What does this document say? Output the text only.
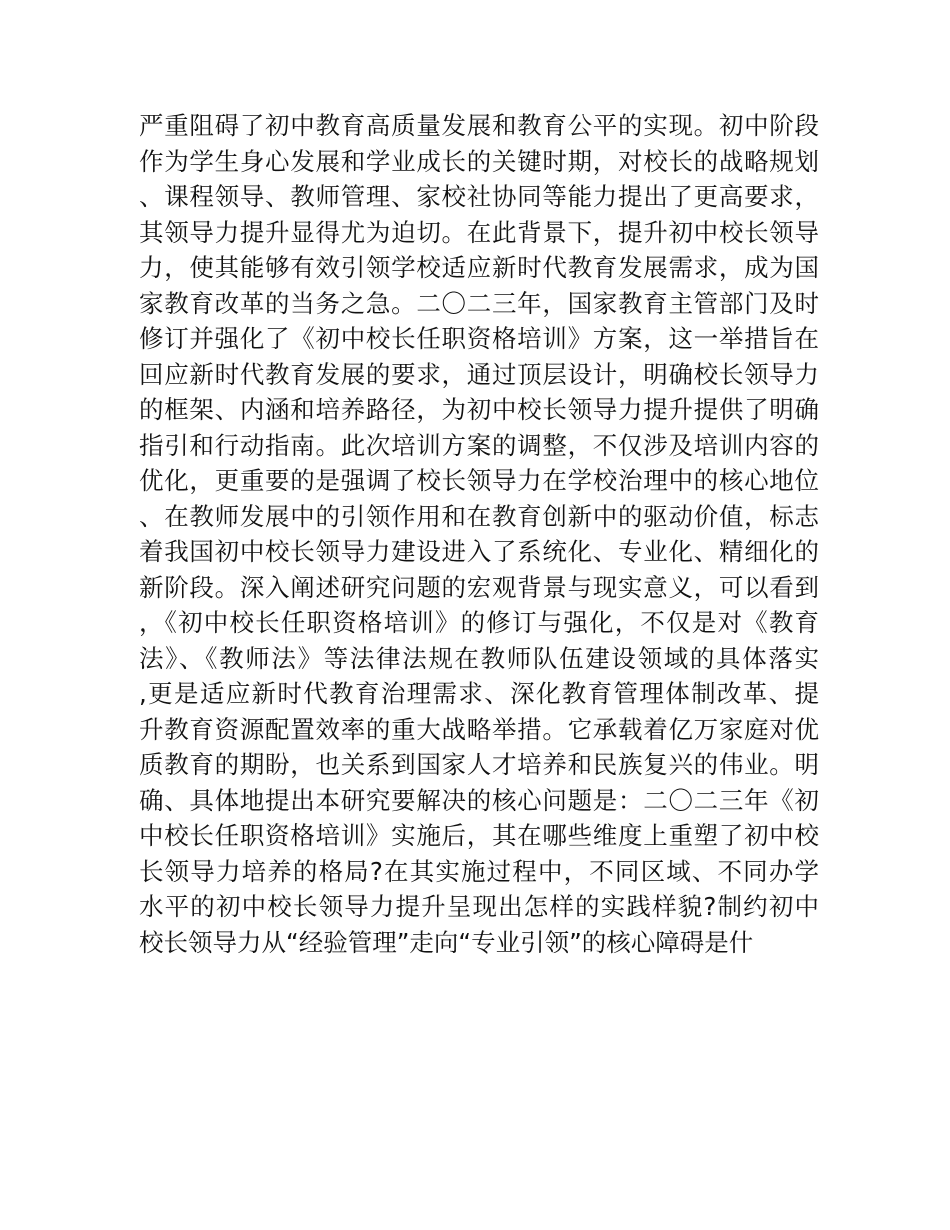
严重阻碍了初中教育高质量发展和教育公平的实现。初中阶段
作为学生身心发展和学业成长的关键时期，对校长的战略规划
、课程领导、教师管理、家校社协同等能力提出了更高要求，
其领导力提升显得尤为迫切。在此背景下，提升初中校长领导
力，使其能够有效引领学校适应新时代教育发展需求，成为国
家教育改革的当务之急。二〇二三年，国家教育主管部门及时
修订并强化了《初中校长任职资格培训》方案，这一举措旨在
回应新时代教育发展的要求，通过顶层设计，明确校长领导力
的框架、内涵和培养路径，为初中校长领导力提升提供了明确
指引和行动指南。此次培训方案的调整，不仅涉及培训内容的
优化，更重要的是强调了校长领导力在学校治理中的核心地位
、在教师发展中的引领作用和在教育创新中的驱动价值，标志
着我国初中校长领导力建设进入了系统化、专业化、精细化的
新阶段。深入阐述研究问题的宏观背景与现实意义，可以看到
，《初中校长任职资格培训》的修订与强化，不仅是对《教育
法》、《教师法》等法律法规在教师队伍建设领域的具体落实
,更是适应新时代教育治理需求、深化教育管理体制改革、提
升教育资源配置效率的重大战略举措。它承载着亿万家庭对优
质教育的期盼，也关系到国家人才培养和民族复兴的伟业。明
确、具体地提出本研究要解决的核心问题是：二〇二三年《初
中校长任职资格培训》实施后，其在哪些维度上重塑了初中校
长领导力培养的格局?在其实施过程中，不同区域、不同办学
水平的初中校长领导力提升呈现出怎样的实践样貌?制约初中
校长领导力从“经验管理”走向“专业引领”的核心障碍是什
